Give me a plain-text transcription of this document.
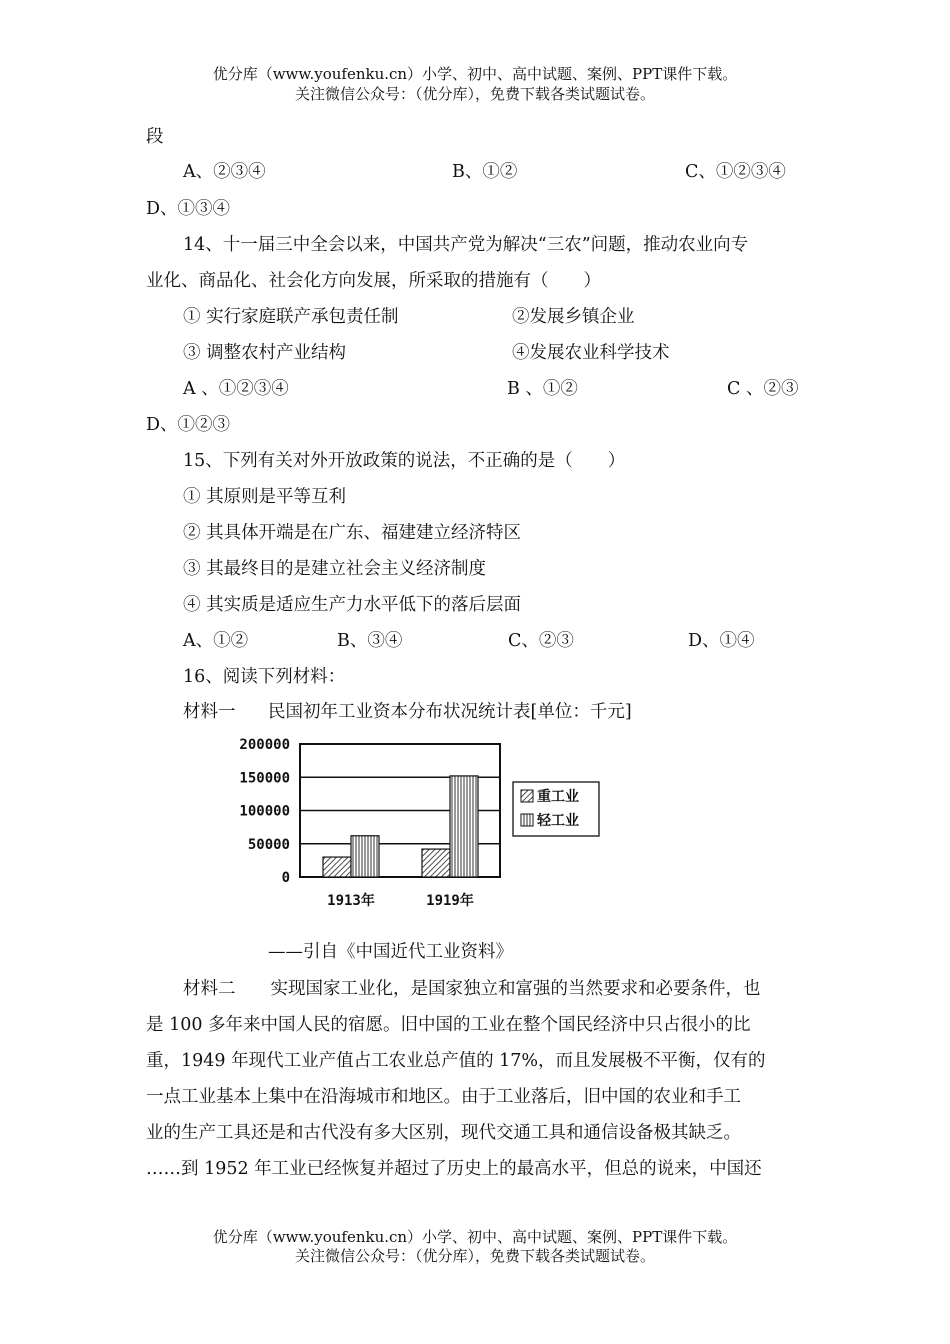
优分库（www.youfenku.cn）小学、初中、高中试题、案例、PPT课件下载。
关注微信公众号：（优分库），免费下载各类试题试卷。
段
A、②③④	B、①②	C、①②③④
D、①③④
14、十一届三中全会以来，中国共产党为解决“三农”问题，推动农业向专
业化、商品化、社会化方向发展，所采取的措施有（　　）
① 实行家庭联产承包责任制	②发展乡镇企业
③ 调整农村产业结构	④发展农业科学技术
A 、①②③④	B 、①②	C 、②③
D、①②③
15、下列有关对外开放政策的说法，不正确的是（　　）
① 其原则是平等互利
② 其具体开端是在广东、福建建立经济特区
③ 其最终目的是建立社会主义经济制度
④ 其实质是适应生产力水平低下的落后层面
A、①②	B、③④	C、②③	D、①④
16、阅读下列材料：
材料一 民国初年工业资本分布状况统计表[单位：千元]
200000
150000
100000
50000
0
1913年	1919年
重工业
轻工业
——引自《中国近代工业资料》
材料二　　实现国家工业化，是国家独立和富强的当然要求和必要条件，也
是 100 多年来中国人民的宿愿。旧中国的工业在整个国民经济中只占很小的比
重，1949 年现代工业产值占工农业总产值的 17%，而且发展极不平衡，仅有的
一点工业基本上集中在沿海城市和地区。由于工业落后，旧中国的农业和手工
业的生产工具还是和古代没有多大区别，现代交通工具和通信设备极其缺乏。
……到 1952 年工业已经恢复并超过了历史上的最高水平，但总的说来，中国还
优分库（www.youfenku.cn）小学、初中、高中试题、案例、PPT课件下载。
关注微信公众号：（优分库），免费下载各类试题试卷。
